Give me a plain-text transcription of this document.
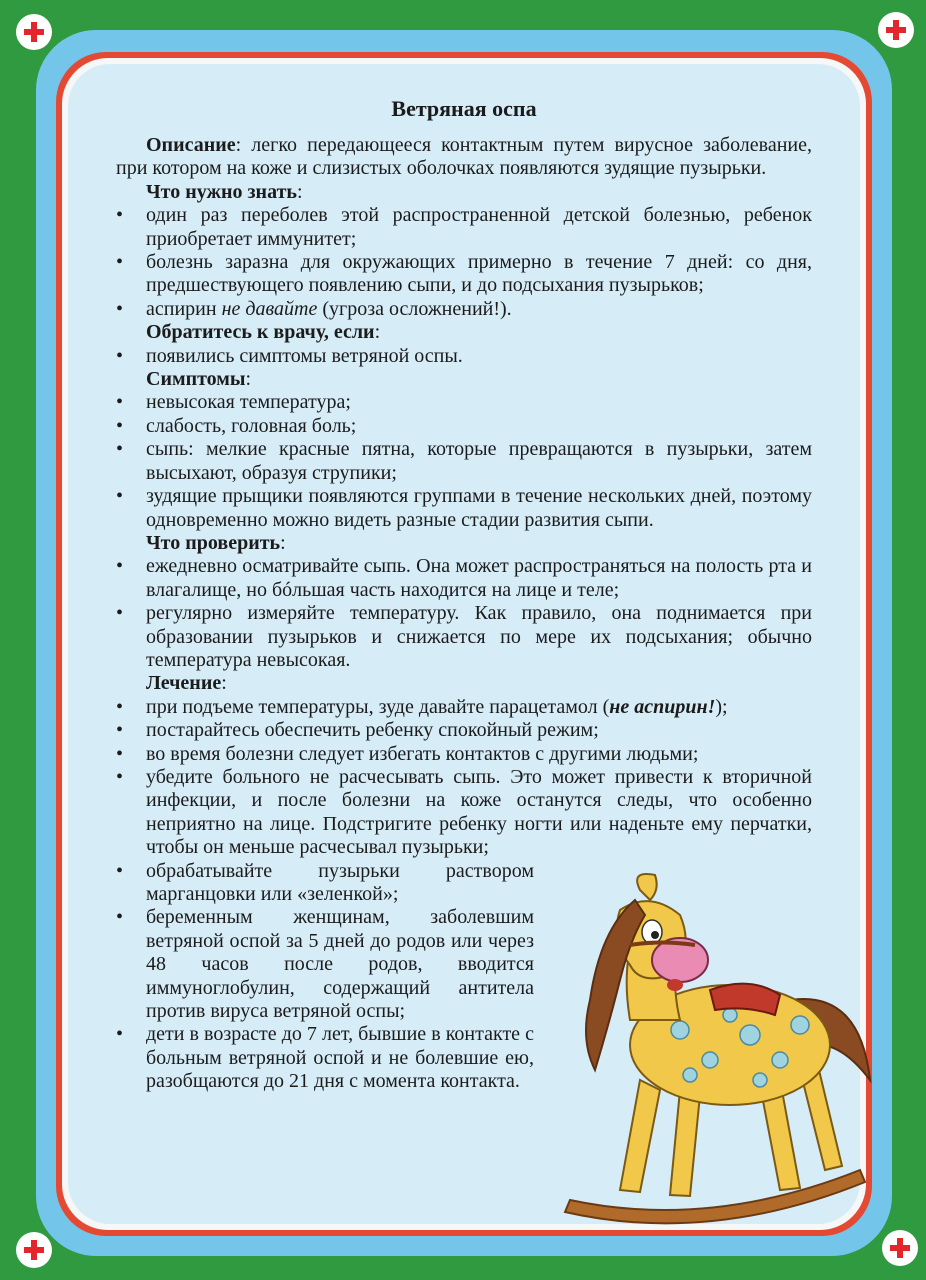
Ветряная оспа

Описание: легко передающееся контактным путем вирусное заболевание, при котором на коже и слизистых оболочках появляются зудящие пузырьки.

Что нужно знать:
• один раз переболев этой распространенной детской болезнью, ребенок приобретает иммунитет;
• болезнь заразна для окружающих примерно в течение 7 дней: со дня, предшествующего появлению сыпи, и до подсыхания пузырьков;
• аспирин не давайте (угроза осложнений!).
Обратитесь к врачу, если:
• появились симптомы ветряной оспы.
Симптомы:
• невысокая температура;
• слабость, головная боль;
• сыпь: мелкие красные пятна, которые превращаются в пузырьки, затем высыхают, образуя струпики;
• зудящие прыщики появляются группами в течение нескольких дней, поэтому одновременно можно видеть разные стадии развития сыпи.
Что проверить:
• ежедневно осматривайте сыпь. Она может распространяться на полость рта и влагалище, но бóльшая часть находится на лице и теле;
• регулярно измеряйте температуру. Как правило, она поднимается при образовании пузырьков и снижается по мере их подсыхания; обычно температура невысокая.
Лечение:
• при подъеме температуры, зуде давайте парацетамол (не аспирин!);
• постарайтесь обеспечить ребенку спокойный режим;
• во время болезни следует избегать контактов с другими людьми;
• убедите больного не расчесывать сыпь. Это может привести к вторичной инфекции, и после болезни на коже останутся следы, что особенно неприятно на лице. Подстригите ребенку ногти или наденьте ему перчатки, чтобы он меньше расчесывал пузырьки;
• обрабатывайте пузырьки раствором марганцовки или «зеленкой»;
• беременным женщинам, заболевшим ветряной оспой за 5 дней до родов или через 48 часов после родов, вводится иммуноглобулин, содержащий антитела против вируса ветряной оспы;
• дети в возрасте до 7 лет, бывшие в контакте с больным ветряной оспой и не болевшие ею, разобщаются до 21 дня с момента контакта.
